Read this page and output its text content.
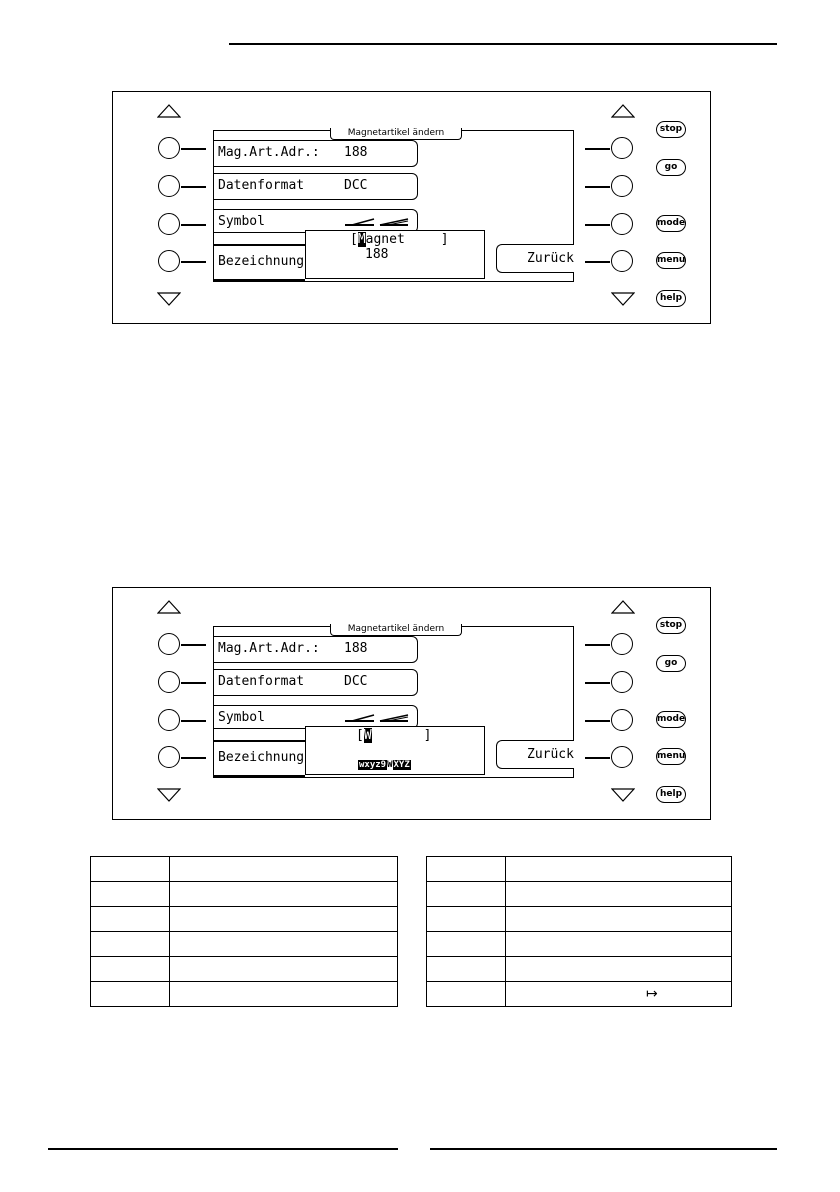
stop
go
mode
menu
help
Magnetartikel ändern
Mag.Art.Adr.: 188
Datenformat	DCC
Symbol
Bezeichnung
[Magnet	]
188	Zurück
stop
go
mode
menu
help
Magnetartikel ändern
Mag.Art.Adr.: 188
Datenformat	DCC
Symbol
Bezeichnung
[W	]
wxyz9WXYZ
Zurück

	↦
